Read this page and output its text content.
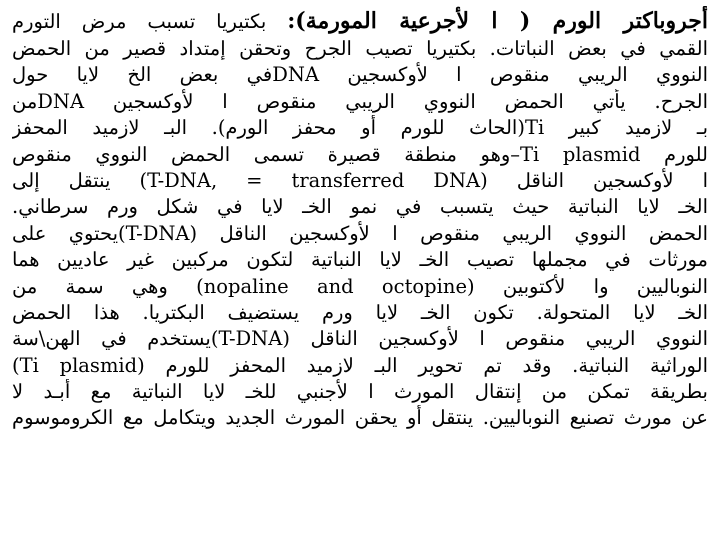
أجروباكتر الورم ( ا لأجرعية المورمة): بكتيريا تسبب مرض التورم
القمي في بعض النباتات. بكتيريا تصيب الجرح وتحقن إمتداد قصير من الحمض
النووي الريبي منقوص ا لأوكسجين DNAفي بعض الخ لايا حول
الجرح. يأتي الحمض النووي الريبي منقوص ا لأوكسجين DNAمن
بـ لازميد كبير Ti(الحاث للورم أو محفز الورم). البـ لازميد المحفز
للورم Ti plasmid–وهو منطقة قصيرة تسمى الحمض النووي منقوص
ا لأوكسجين الناقل (T-DNA, = transferred DNA) ينتقل إلى
الخـ لايا النباتية حيث يتسبب في نمو الخـ لايا في شكل ورم سرطاني.
الحمض النووي الريبي منقوص ا لأوكسجين الناقل (T-DNA)يحتوي على
مورثات في مجملها تصيب الخـ لايا النباتية لتكون مركبين غير عاديين هما
النوباليين وا لأكتوبين (nopaline and octopine) وهي سمة من
الخـ لايا المتحولة. تكون الخـ لايا ورم يستضيف البكتريا. هذا الحمض
النووي الريبي منقوص ا لأوكسجين الناقل (T-DNA)يستخدم في الهن\سة
الوراثية النباتية. وقد تم تحوير البـ لازميد المحفز للورم (Ti plasmid)
بطريقة تمكن من إنتقال المورث ا لأجنبي للخـ لايا النباتية مع أبـد لا
عن مورث تصنيع النوباليين. ينتقل أو يحقن المورث الجديد ويتكامل مع الكروموسوم
